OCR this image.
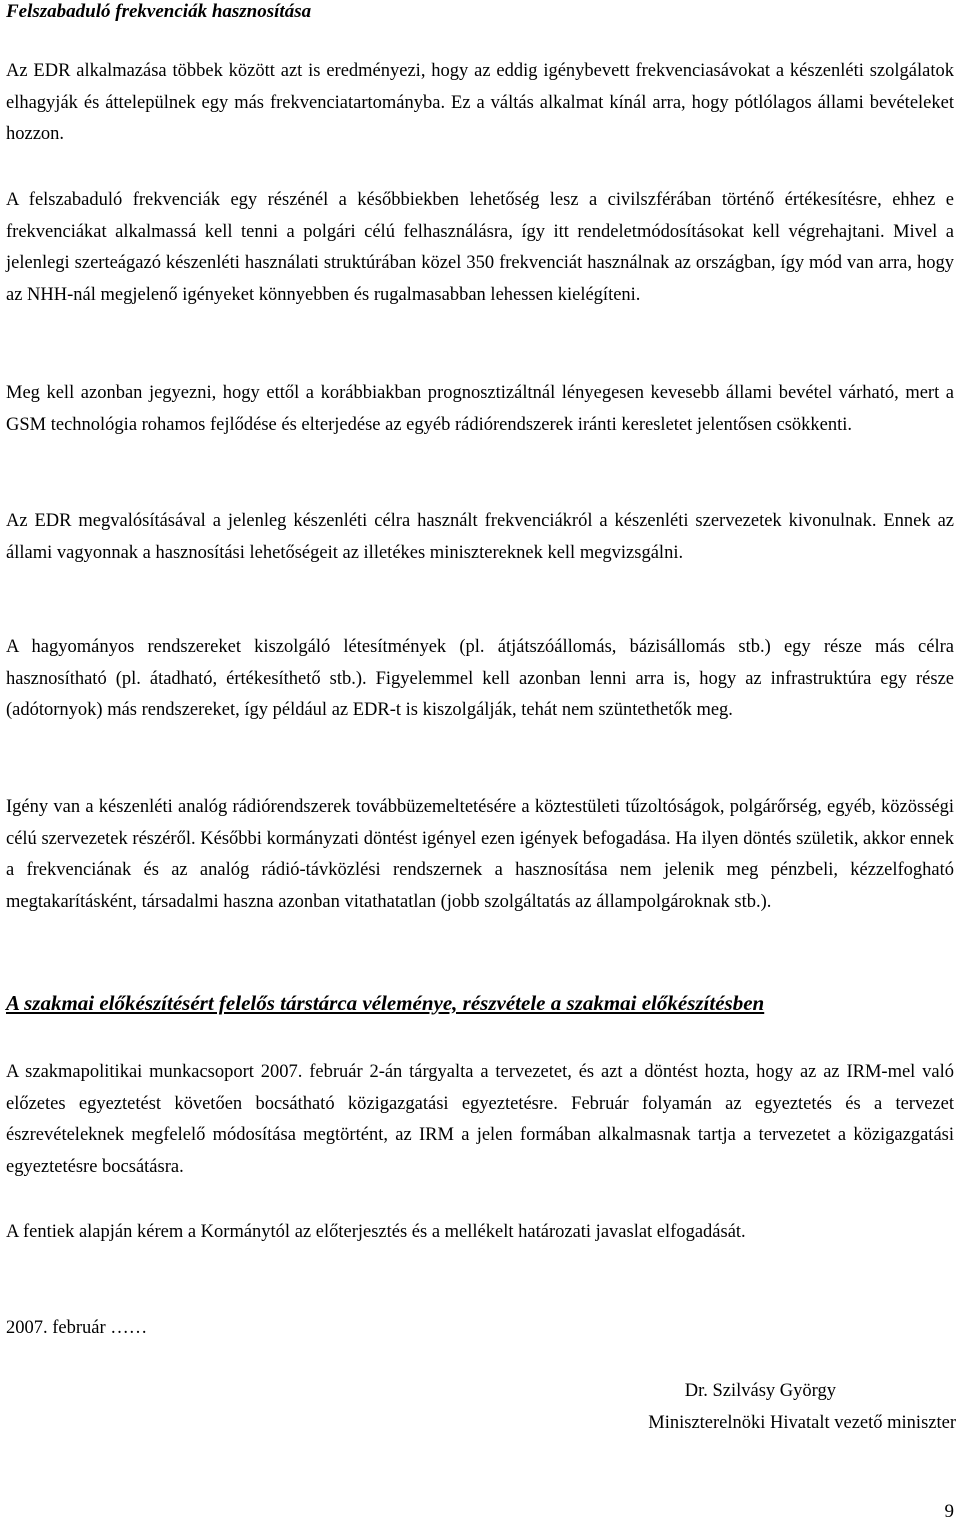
Felszabaduló frekvenciák hasznosítása

Az EDR alkalmazása többek között azt is eredményezi, hogy az eddig igénybevett frekvenciasávokat a készenléti szolgálatok elhagyják és áttelepülnek egy más frekvenciatartományba. Ez a váltás alkalmat kínál arra, hogy pótlólagos állami bevételeket hozzon.

A felszabaduló frekvenciák egy részénél a későbbiekben lehetőség lesz a civilszférában történő értékesítésre, ehhez e frekvenciákat alkalmassá kell tenni a polgári célú felhasználásra, így itt rendeletmódosításokat kell végrehajtani. Mivel a jelenlegi szerteágazó készenléti használati struktúrában közel 350 frekvenciát használnak az országban, így mód van arra, hogy az NHH-nál megjelenő igényeket könnyebben és rugalmasabban lehessen kielégíteni.

Meg kell azonban jegyezni, hogy ettől a korábbiakban prognosztizáltnál lényegesen kevesebb állami bevétel várható, mert a GSM technológia rohamos fejlődése és elterjedése az egyéb rádiórendszerek iránti keresletet jelentősen csökkenti.

Az EDR megvalósításával a jelenleg készenléti célra használt frekvenciákról a készenléti szervezetek kivonulnak. Ennek az állami vagyonnak a hasznosítási lehetőségeit az illetékes minisztereknek kell megvizsgálni.

A hagyományos rendszereket kiszolgáló létesítmények (pl. átjátszóállomás, bázisállomás stb.) egy része más célra hasznosítható (pl. átadható, értékesíthető stb.). Figyelemmel kell azonban lenni arra is, hogy az infrastruktúra egy része (adótornyok) más rendszereket, így például az EDR-t is kiszolgálják, tehát nem szüntethetők meg.

Igény van a készenléti analóg rádiórendszerek továbbüzemeltetésére a köztestületi tűzoltóságok, polgárőrség, egyéb, közösségi célú szervezetek részéről. Későbbi kormányzati döntést igényel ezen igények befogadása. Ha ilyen döntés születik, akkor ennek a frekvenciának és az analóg rádió-távközlési rendszernek a hasznosítása nem jelenik meg pénzbeli, kézzelfogható megtakarításként, társadalmi haszna azonban vitathatatlan (jobb szolgáltatás az állampolgároknak stb.).

A szakmai előkészítésért felelős társtárca véleménye, részvétele a szakmai előkészítésben

A szakmapolitikai munkacsoport 2007. február 2-án tárgyalta a tervezetet, és azt a döntést hozta, hogy az az IRM-mel való előzetes egyeztetést követően bocsátható közigazgatási egyeztetésre. Február folyamán az egyeztetés és a tervezet észrevételeknek megfelelő módosítása megtörtént, az IRM a jelen formában alkalmasnak tartja a tervezetet a közigazgatási egyeztetésre bocsátásra.

A fentiek alapján kérem a Kormánytól az előterjesztés és a mellékelt határozati javaslat elfogadását.

2007. február ……
Dr. Szilvásy György
Miniszterelnöki Hivatalt vezető miniszter
9
